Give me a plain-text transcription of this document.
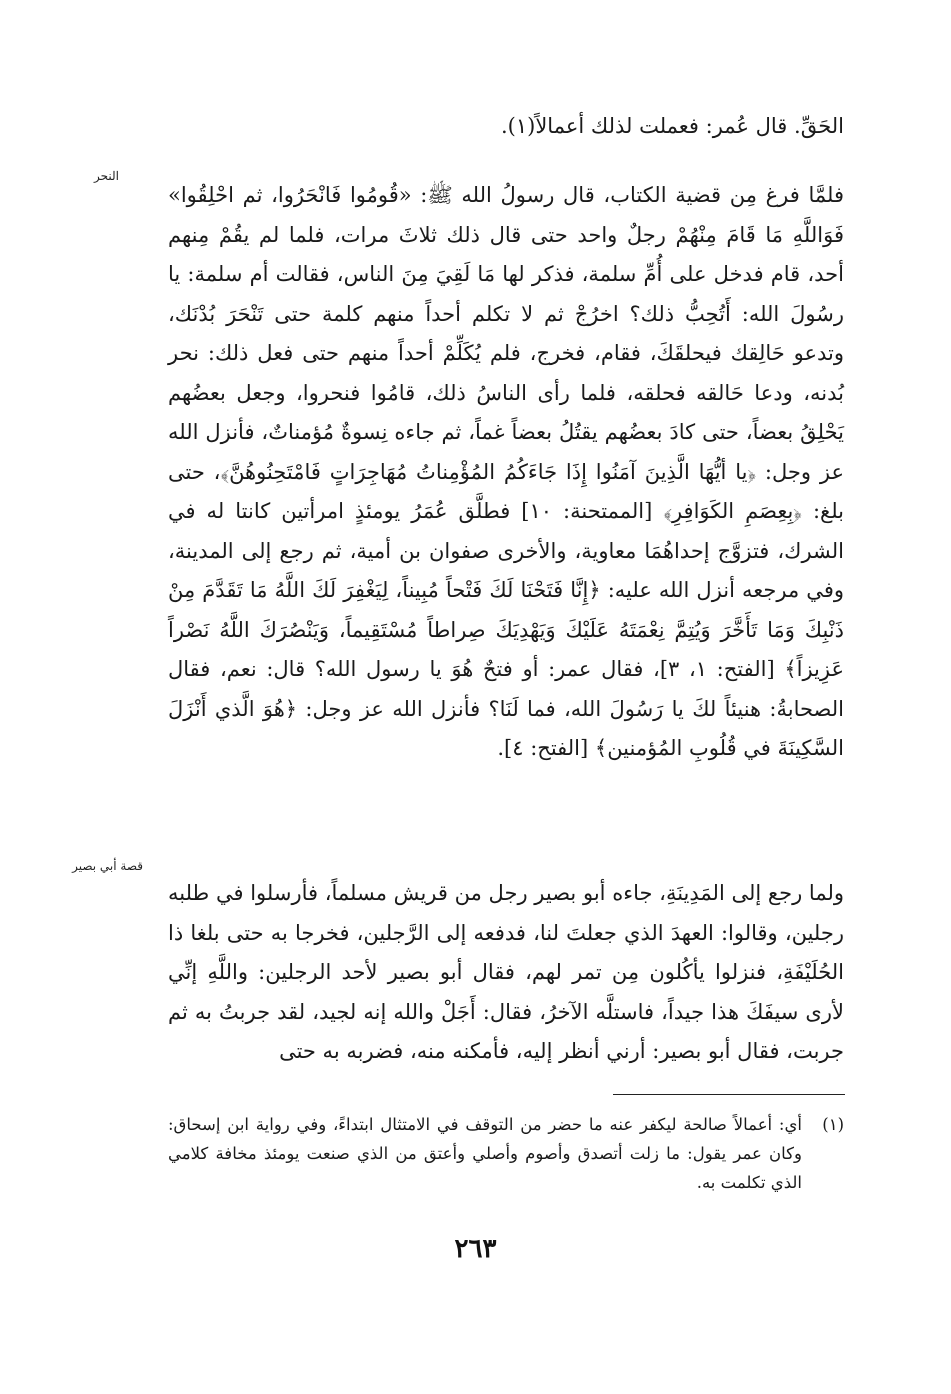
الحَقِّ. قال عُمر: فعملت لذلك أعمالاً(١).

فلمَّا فرغ مِن قضية الكتاب، قال رسولُ الله ﷺ: «قُومُوا فَانْحَرُوا، ثم احْلِقُوا» فَوَاللَّهِ مَا قَامَ مِنْهُمْ رجلٌ واحد حتى قال ذلك ثلاثَ مرات، فلما لم يقُمْ مِنهم أحد، قام فدخل على أُمِّ سلمة، فذكر لها مَا لَقِيَ مِنَ الناس، فقالت أم سلمة: يا رسُولَ الله: أَتُحِبُّ ذلك؟ اخرُجْ ثم لا تكلم أحداً منهم كلمة حتى تَنْحَرَ بُدْنَك، وتدعو حَالِقك فيحلقَكَ، فقام، فخرج، فلم يُكَلِّمْ أحداً منهم حتى فعل ذلك: نحر بُدنه، ودعا حَالقه فحلقه، فلما رأى الناسُ ذلك، قامُوا فنحروا، وجعل بعضُهم يَحْلِقُ بعضاً، حتى كادَ بعضُهم يقتُلُ بعضاً غماً، ثم جاءه نِسوةٌ مُؤمناتٌ، فأنزل الله عز وجل: ﴿يا أيُّهَا الَّذِينَ آمَنُوا إِذَا جَاءَكُمُ المُؤْمِناتُ مُهَاجِرَاتٍ فَامْتَحِنُوهُنَّ﴾، حتى بلغ: ﴿بِعِصَمِ الكَوَافِرِ﴾ [الممتحنة: ١٠] فطلَّق عُمَرُ يومئذٍ امرأتين كانتا له في الشرك، فتزوَّج إحداهُمَا معاوية، والأخرى صفوان بن أمية، ثم رجع إلى المدينة، وفي مرجعه أنزل الله عليه: ﴿إِنَّا فَتَحْنَا لَكَ فَتْحاً مُبِيناً، لِيَغْفِرَ لَكَ اللَّهُ مَا تَقَدَّمَ مِنْ ذَنْبِكَ وَمَا تَأَخَّرَ وَيُتِمَّ نِعْمَتَهُ عَلَيْكَ وَيَهْدِيَكَ صِراطاً مُسْتَقِيماً، وَيَنْصُرَكَ اللَّهُ نَصْراً عَزِيزاً﴾ [الفتح: ١، ٣]، فقال عمر: أو فتحٌ هُوَ يا رسول الله؟ قال: نعم، فقال الصحابةُ: هنيئاً لكَ يا رَسُولَ الله، فما لَنَا؟ فأنزل الله عز وجل: ﴿هُوَ الَّذي أَنْزَلَ السَّكِينَةَ في قُلُوبِ المُؤمنين﴾ [الفتح: ٤].

ولما رجع إلى المَدِينَةِ، جاءه أبو بصير رجل من قريش مسلماً، فأرسلوا في طلبه رجلين، وقالوا: العهدَ الذي جعلتَ لنا، فدفعه إلى الرَّجلين، فخرجا به حتى بلغا ذا الحُلَيْفَةِ، فنزلوا يأكُلون مِن تمر لهم، فقال أبو بصير لأحد الرجلين: واللَّهِ إنِّي لأرى سيفَكَ هذا جيداً، فاستلَّه الآخرُ، فقال: أَجَلْ والله إنه لجيد، لقد جربتُ به ثم جربت، فقال أبو بصير: أرني أنظر إليه، فأمكنه منه، فضربه به حتى

النحر
قصة أبي بصير
(١)
أي: أعمالاً صالحة ليكفر عنه ما حضر من التوقف في الامتثال ابتداءً، وفي رواية ابن إسحاق: وكان عمر يقول: ما زلت أتصدق وأصوم وأصلي وأعتق من الذي صنعت يومئذ مخافة كلامي الذي تكلمت به.
٢٦٣
